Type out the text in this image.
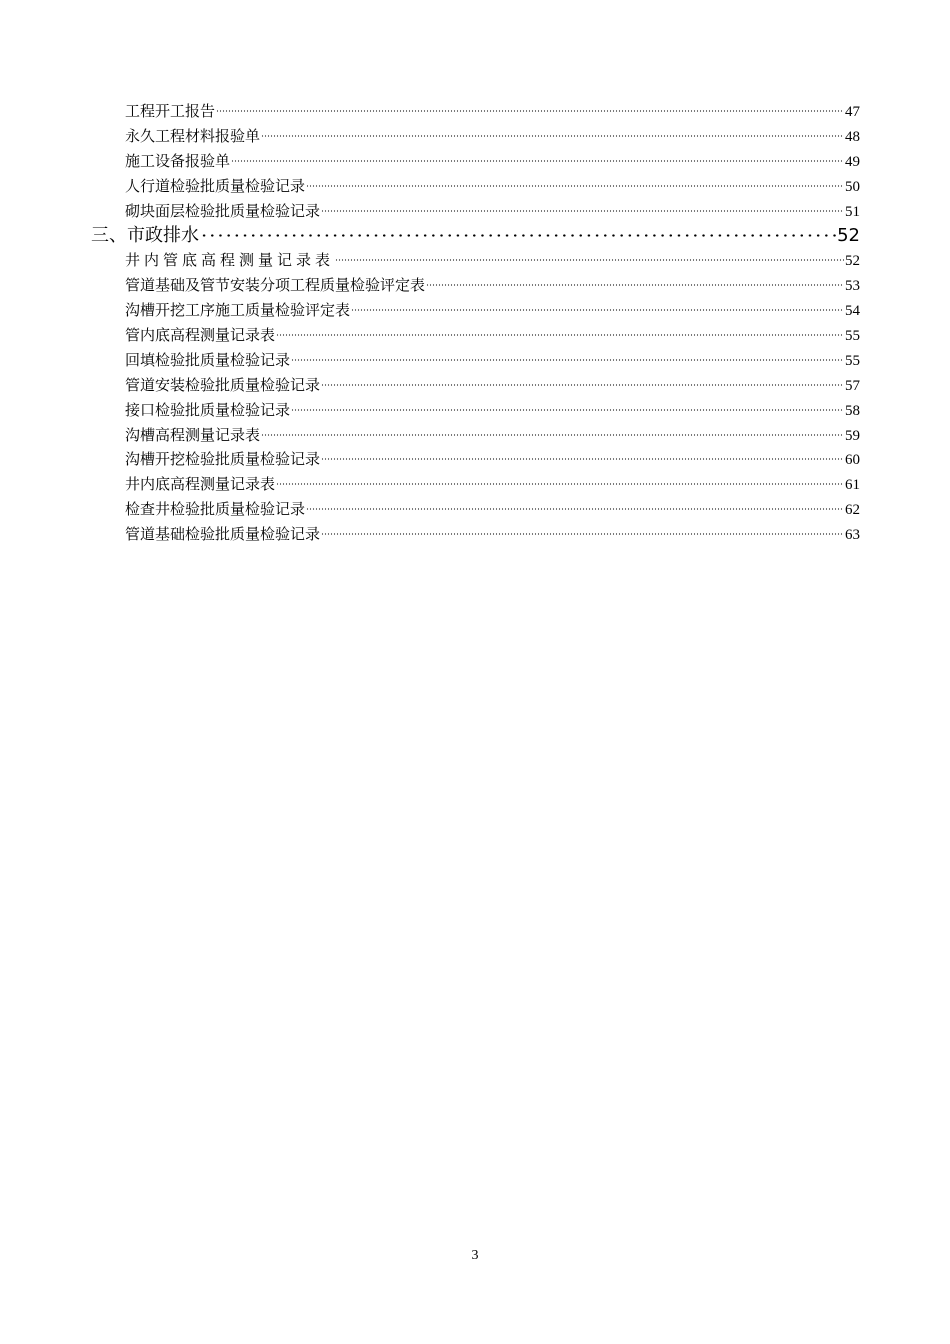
工程开工报告	47
永久工程材料报验单	48
施工设备报验单	49
人行道检验批质量检验记录	50
砌块面层检验批质量检验记录	51
三、市政排水	52
井内管底高程测量记录表	52
管道基础及管节安装分项工程质量检验评定表	53
沟槽开挖工序施工质量检验评定表	54
管内底高程测量记录表	55
回填检验批质量检验记录	55
管道安装检验批质量检验记录	57
接口检验批质量检验记录	58
沟槽高程测量记录表	59
沟槽开挖检验批质量检验记录	60
井内底高程测量记录表	61
检查井检验批质量检验记录	62
管道基础检验批质量检验记录	63
3
